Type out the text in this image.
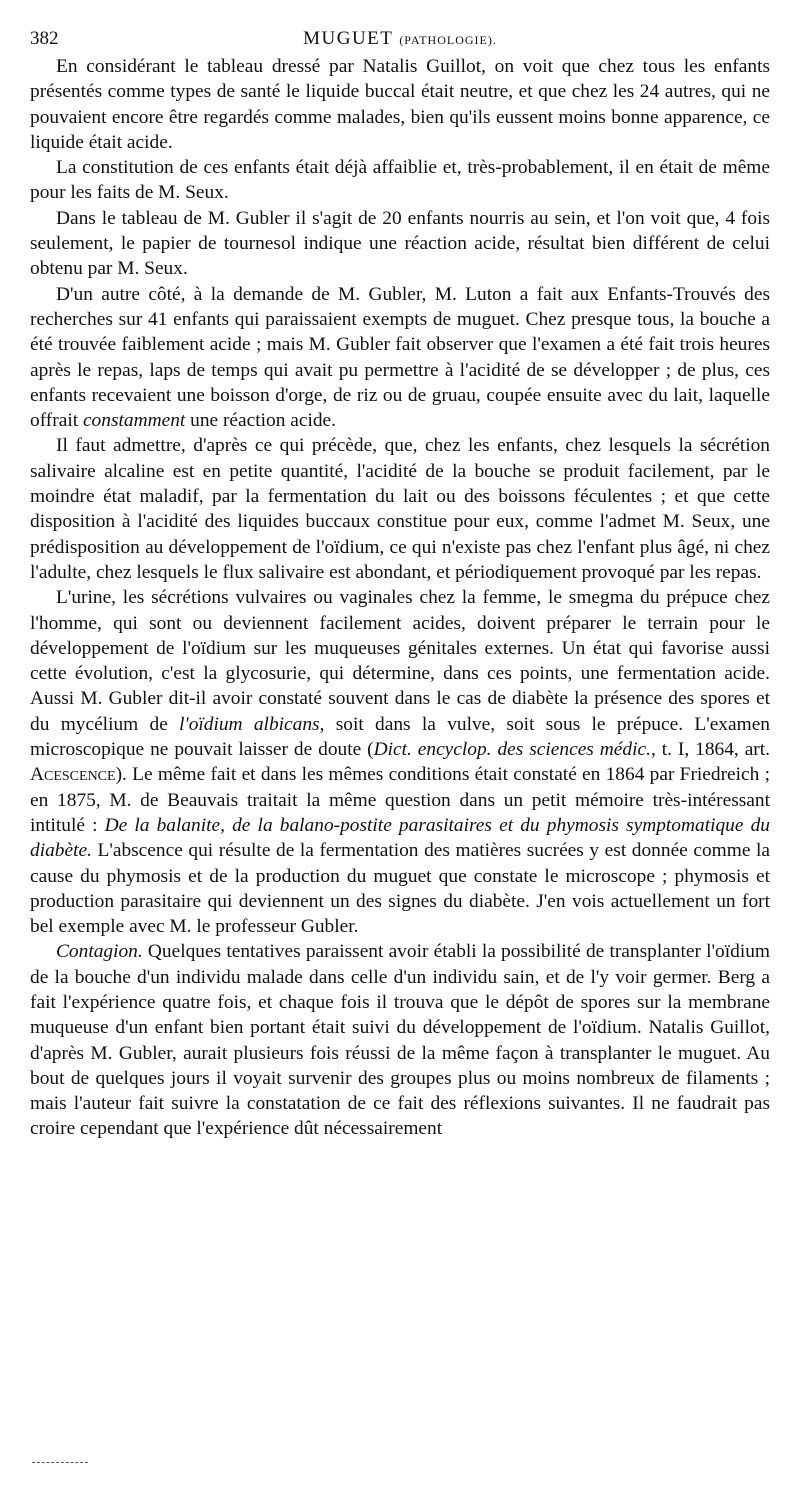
382	MUGUET (PATHOLOGIE).

En considérant le tableau dressé par Natalis Guillot, on voit que chez tous les enfants présentés comme types de santé le liquide buccal était neutre, et que chez les 24 autres, qui ne pouvaient encore être regardés comme malades, bien qu'ils eussent moins bonne apparence, ce liquide était acide.

La constitution de ces enfants était déjà affaiblie et, très-probablement, il en était de même pour les faits de M. Seux.

Dans le tableau de M. Gubler il s'agit de 20 enfants nourris au sein, et l'on voit que, 4 fois seulement, le papier de tournesol indique une réaction acide, résultat bien différent de celui obtenu par M. Seux.

D'un autre côté, à la demande de M. Gubler, M. Luton a fait aux Enfants-Trouvés des recherches sur 41 enfants qui paraissaient exempts de muguet. Chez presque tous, la bouche a été trouvée faiblement acide ; mais M. Gubler fait observer que l'examen a été fait trois heures après le repas, laps de temps qui avait pu permettre à l'acidité de se développer ; de plus, ces enfants recevaient une boisson d'orge, de riz ou de gruau, coupée ensuite avec du lait, laquelle offrait constamment une réaction acide.

Il faut admettre, d'après ce qui précède, que, chez les enfants, chez lesquels la sécrétion salivaire alcaline est en petite quantité, l'acidité de la bouche se produit facilement, par le moindre état maladif, par la fermentation du lait ou des boissons féculentes ; et que cette disposition à l'acidité des liquides buccaux constitue pour eux, comme l'admet M. Seux, une prédisposition au développement de l'oïdium, ce qui n'existe pas chez l'enfant plus âgé, ni chez l'adulte, chez lesquels le flux salivaire est abondant, et périodiquement provoqué par les repas.

L'urine, les sécrétions vulvaires ou vaginales chez la femme, le smegma du prépuce chez l'homme, qui sont ou deviennent facilement acides, doivent préparer le terrain pour le développement de l'oïdium sur les muqueuses génitales externes. Un état qui favorise aussi cette évolution, c'est la glycosurie, qui détermine, dans ces points, une fermentation acide. Aussi M. Gubler dit-il avoir constaté souvent dans le cas de diabète la présence des spores et du mycélium de l'oïdium albicans, soit dans la vulve, soit sous le prépuce. L'examen microscopique ne pouvait laisser de doute (Dict. encyclop. des sciences médic., t. I, 1864, art. Acescence). Le même fait et dans les mêmes conditions était constaté en 1864 par Friedreich ; en 1875, M. de Beauvais traitait la même question dans un petit mémoire très-intéressant intitulé : De la balanite, de la balano-postite parasitaires et du phymosis symptomatique du diabète. L'abscence qui résulte de la fermentation des matières sucrées y est donnée comme la cause du phymosis et de la production du muguet que constate le microscope ; phymosis et production parasitaire qui deviennent un des signes du diabète. J'en vois actuellement un fort bel exemple avec M. le professeur Gubler.

Contagion. Quelques tentatives paraissent avoir établi la possibilité de transplanter l'oïdium de la bouche d'un individu malade dans celle d'un individu sain, et de l'y voir germer. Berg a fait l'expérience quatre fois, et chaque fois il trouva que le dépôt de spores sur la membrane muqueuse d'un enfant bien portant était suivi du développement de l'oïdium. Natalis Guillot, d'après M. Gubler, aurait plusieurs fois réussi de la même façon à transplanter le muguet. Au bout de quelques jours il voyait survenir des groupes plus ou moins nombreux de filaments ; mais l'auteur fait suivre la constatation de ce fait des réflexions suivantes. Il ne faudrait pas croire cependant que l'expérience dût nécessairement
